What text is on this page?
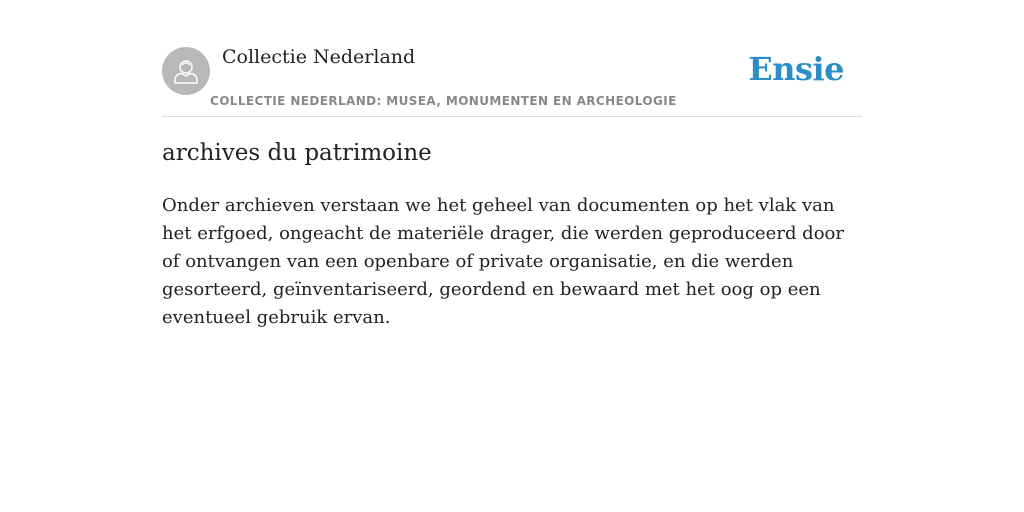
Collectie Nederland
COLLECTIE NEDERLAND: MUSEA, MONUMENTEN EN ARCHEOLOGIE
Ensie
archives du patrimoine

Onder archieven verstaan we het geheel van documenten op het vlak van het erfgoed, ongeacht de materiële drager, die werden geproduceerd door of ontvangen van een openbare of private organisatie, en die werden gesorteerd, geïnventariseerd, geordend en bewaard met het oog op een eventueel gebruik ervan.
